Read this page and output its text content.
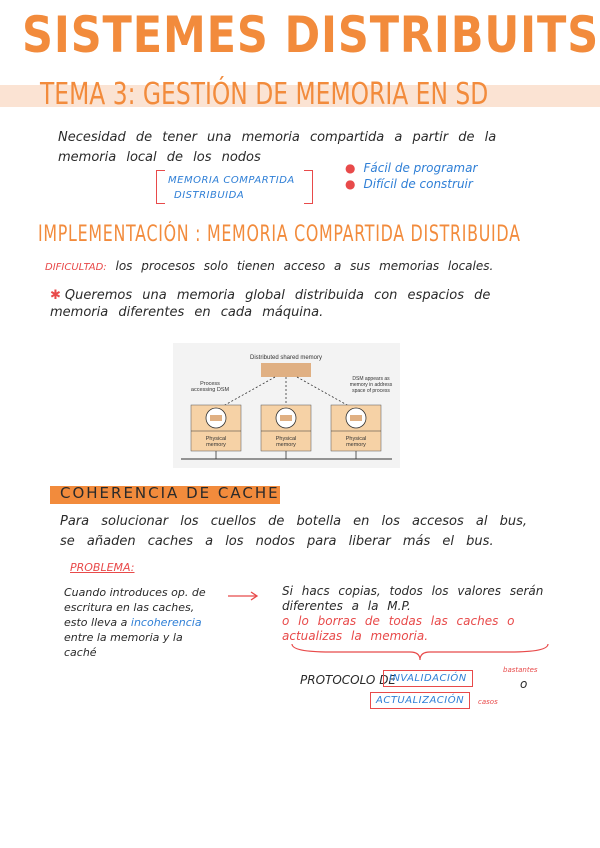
SISTEMES DISTRIBUITS
TEMA 3: GESTIÓN DE MEMORIA EN SD
Necesidad de tener una memoria compartida a partir de la memoria local de los nodos
MEMORIA COMPARTIDA
DISTRIBUIDA
● Fácil de programar
● Difícil de construir
IMPLEMENTACIÓN : MEMORIA COMPARTIDA DISTRIBUIDA
DIFICULTAD: los procesos solo tienen acceso a sus memorias locales.
✱ Queremos una memoria global distribuida con espacios de memoria diferentes en cada máquina.
Distributed shared memory
Process accessing DSM
DSM appears as memory in address space of process
Physical memory
Physical memory
Physical memory
COHERENCIA DE CACHE
Para solucionar los cuellos de botella en los accesos al bus, se añaden caches a los nodos para liberar más el bus.
PROBLEMA:
Cuando introduces op. de escritura en las caches, esto lleva a incoherencia entre la memoria y la caché
Si hacs copias, todos los valores serán diferentes a la M.P.
o lo borras de todas las caches o actualizas la memoria.
PROTOCOLO DE
INVALIDACIÓN
bastantes
o
ACTUALIZACIÓN	casos
